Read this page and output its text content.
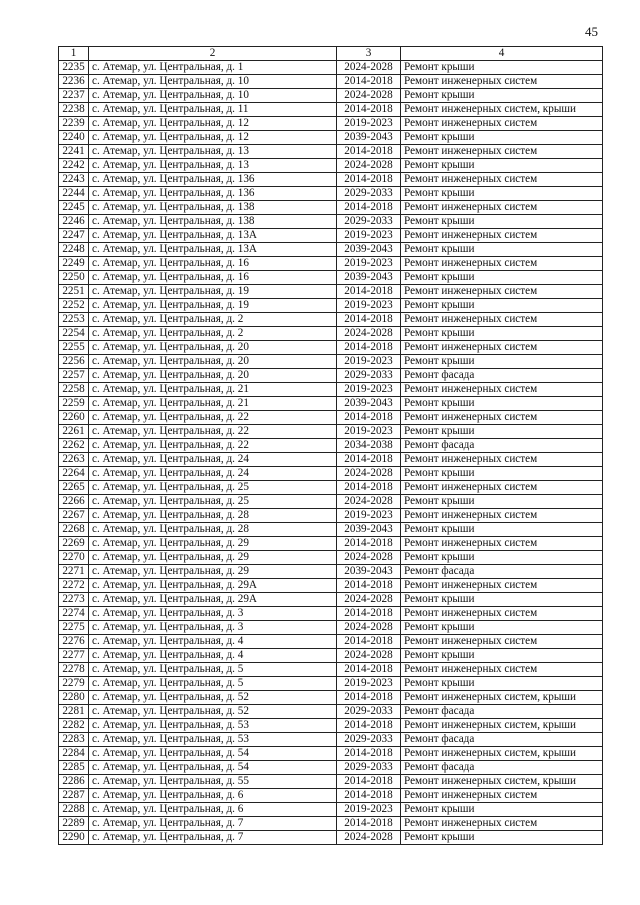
45
1	2	3	4
2235	с. Атемар, ул. Центральная, д. 1	2024-2028	Ремонт крыши
2236	с. Атемар, ул. Центральная, д. 10	2014-2018	Ремонт инженерных систем
2237	с. Атемар, ул. Центральная, д. 10	2024-2028	Ремонт крыши
2238	с. Атемар, ул. Центральная, д. 11	2014-2018	Ремонт инженерных систем, крыши
2239	с. Атемар, ул. Центральная, д. 12	2019-2023	Ремонт инженерных систем
2240	с. Атемар, ул. Центральная, д. 12	2039-2043	Ремонт крыши
2241	с. Атемар, ул. Центральная, д. 13	2014-2018	Ремонт инженерных систем
2242	с. Атемар, ул. Центральная, д. 13	2024-2028	Ремонт крыши
2243	с. Атемар, ул. Центральная, д. 136	2014-2018	Ремонт инженерных систем
2244	с. Атемар, ул. Центральная, д. 136	2029-2033	Ремонт крыши
2245	с. Атемар, ул. Центральная, д. 138	2014-2018	Ремонт инженерных систем
2246	с. Атемар, ул. Центральная, д. 138	2029-2033	Ремонт крыши
2247	с. Атемар, ул. Центральная, д. 13А	2019-2023	Ремонт инженерных систем
2248	с. Атемар, ул. Центральная, д. 13А	2039-2043	Ремонт крыши
2249	с. Атемар, ул. Центральная, д. 16	2019-2023	Ремонт инженерных систем
2250	с. Атемар, ул. Центральная, д. 16	2039-2043	Ремонт крыши
2251	с. Атемар, ул. Центральная, д. 19	2014-2018	Ремонт инженерных систем
2252	с. Атемар, ул. Центральная, д. 19	2019-2023	Ремонт крыши
2253	с. Атемар, ул. Центральная, д. 2	2014-2018	Ремонт инженерных систем
2254	с. Атемар, ул. Центральная, д. 2	2024-2028	Ремонт крыши
2255	с. Атемар, ул. Центральная, д. 20	2014-2018	Ремонт инженерных систем
2256	с. Атемар, ул. Центральная, д. 20	2019-2023	Ремонт крыши
2257	с. Атемар, ул. Центральная, д. 20	2029-2033	Ремонт фасада
2258	с. Атемар, ул. Центральная, д. 21	2019-2023	Ремонт инженерных систем
2259	с. Атемар, ул. Центральная, д. 21	2039-2043	Ремонт крыши
2260	с. Атемар, ул. Центральная, д. 22	2014-2018	Ремонт инженерных систем
2261	с. Атемар, ул. Центральная, д. 22	2019-2023	Ремонт крыши
2262	с. Атемар, ул. Центральная, д. 22	2034-2038	Ремонт фасада
2263	с. Атемар, ул. Центральная, д. 24	2014-2018	Ремонт инженерных систем
2264	с. Атемар, ул. Центральная, д. 24	2024-2028	Ремонт крыши
2265	с. Атемар, ул. Центральная, д. 25	2014-2018	Ремонт инженерных систем
2266	с. Атемар, ул. Центральная, д. 25	2024-2028	Ремонт крыши
2267	с. Атемар, ул. Центральная, д. 28	2019-2023	Ремонт инженерных систем
2268	с. Атемар, ул. Центральная, д. 28	2039-2043	Ремонт крыши
2269	с. Атемар, ул. Центральная, д. 29	2014-2018	Ремонт инженерных систем
2270	с. Атемар, ул. Центральная, д. 29	2024-2028	Ремонт крыши
2271	с. Атемар, ул. Центральная, д. 29	2039-2043	Ремонт фасада
2272	с. Атемар, ул. Центральная, д. 29А	2014-2018	Ремонт инженерных систем
2273	с. Атемар, ул. Центральная, д. 29А	2024-2028	Ремонт крыши
2274	с. Атемар, ул. Центральная, д. 3	2014-2018	Ремонт инженерных систем
2275	с. Атемар, ул. Центральная, д. 3	2024-2028	Ремонт крыши
2276	с. Атемар, ул. Центральная, д. 4	2014-2018	Ремонт инженерных систем
2277	с. Атемар, ул. Центральная, д. 4	2024-2028	Ремонт крыши
2278	с. Атемар, ул. Центральная, д. 5	2014-2018	Ремонт инженерных систем
2279	с. Атемар, ул. Центральная, д. 5	2019-2023	Ремонт крыши
2280	с. Атемар, ул. Центральная, д. 52	2014-2018	Ремонт инженерных систем, крыши
2281	с. Атемар, ул. Центральная, д. 52	2029-2033	Ремонт фасада
2282	с. Атемар, ул. Центральная, д. 53	2014-2018	Ремонт инженерных систем, крыши
2283	с. Атемар, ул. Центральная, д. 53	2029-2033	Ремонт фасада
2284	с. Атемар, ул. Центральная, д. 54	2014-2018	Ремонт инженерных систем, крыши
2285	с. Атемар, ул. Центральная, д. 54	2029-2033	Ремонт фасада
2286	с. Атемар, ул. Центральная, д. 55	2014-2018	Ремонт инженерных систем, крыши
2287	с. Атемар, ул. Центральная, д. 6	2014-2018	Ремонт инженерных систем
2288	с. Атемар, ул. Центральная, д. 6	2019-2023	Ремонт крыши
2289	с. Атемар, ул. Центральная, д. 7	2014-2018	Ремонт инженерных систем
2290	с. Атемар, ул. Центральная, д. 7	2024-2028	Ремонт крыши
